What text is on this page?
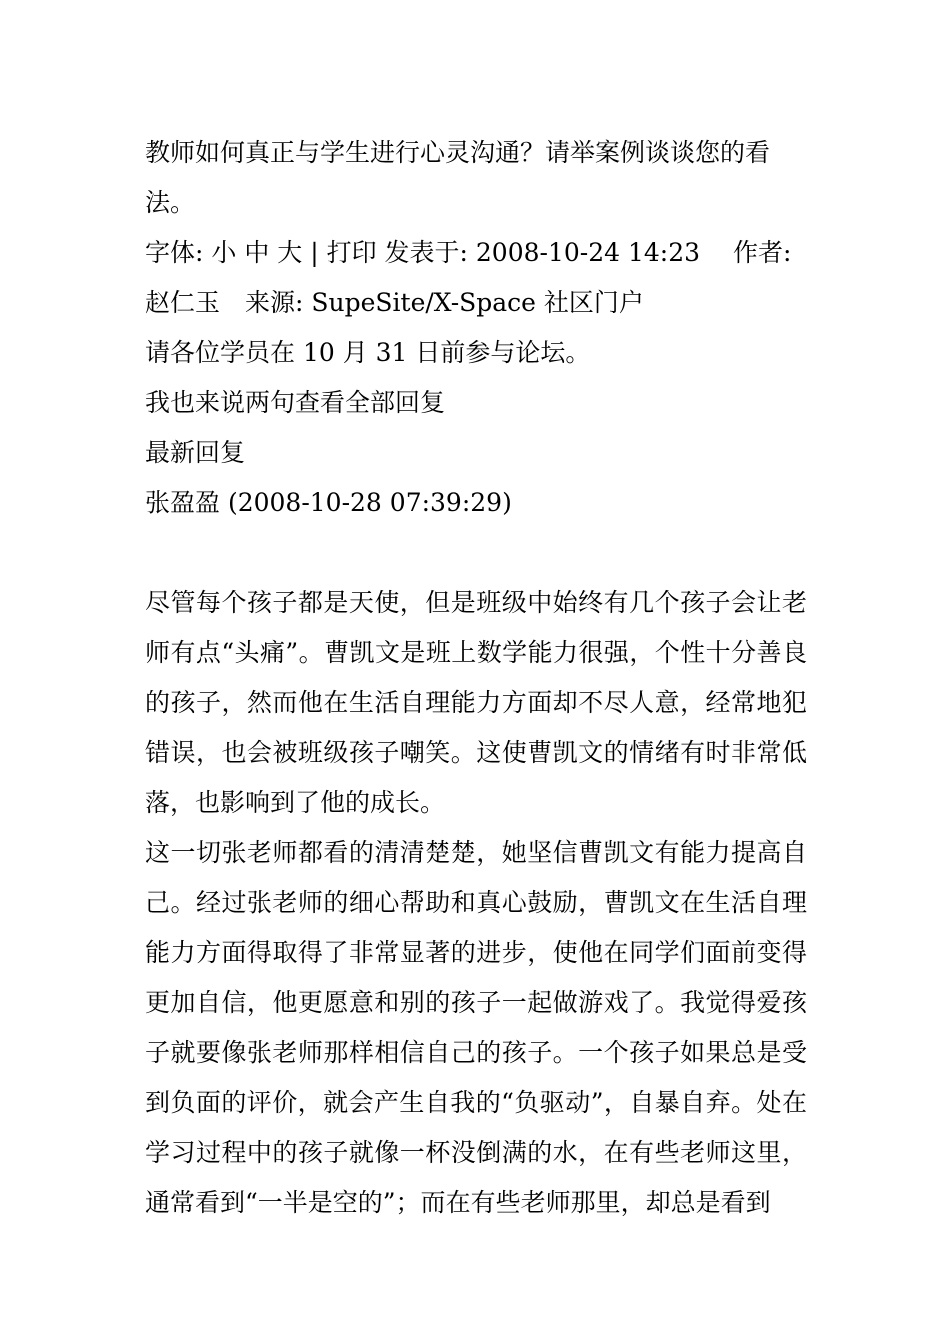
教师如何真正与学生进行心灵沟通？请举案例谈谈您的看法。

字体: 小 中 大 | 打印 发表于: 2008-10-24 14:23　 作者: 赵仁玉　来源: SupeSite/X-Space 社区门户

请各位学员在 10 月 31 日前参与论坛。

我也来说两句查看全部回复

最新回复

张盈盈 (2008-10-28 07:39:29)

尽管每个孩子都是天使，但是班级中始终有几个孩子会让老师有点“头痛”。曹凯文是班上数学能力很强，个性十分善良的孩子，然而他在生活自理能力方面却不尽人意，经常地犯错误，也会被班级孩子嘲笑。这使曹凯文的情绪有时非常低落，也影响到了他的成长。

这一切张老师都看的清清楚楚，她坚信曹凯文有能力提高自己。经过张老师的细心帮助和真心鼓励，曹凯文在生活自理能力方面得取得了非常显著的进步，使他在同学们面前变得更加自信，他更愿意和别的孩子一起做游戏了。我觉得爱孩子就要像张老师那样相信自己的孩子。一个孩子如果总是受到负面的评价，就会产生自我的“负驱动”，自暴自弃。处在学习过程中的孩子就像一杯没倒满的水，在有些老师这里，通常看到“一半是空的”；而在有些老师那里，却总是看到
